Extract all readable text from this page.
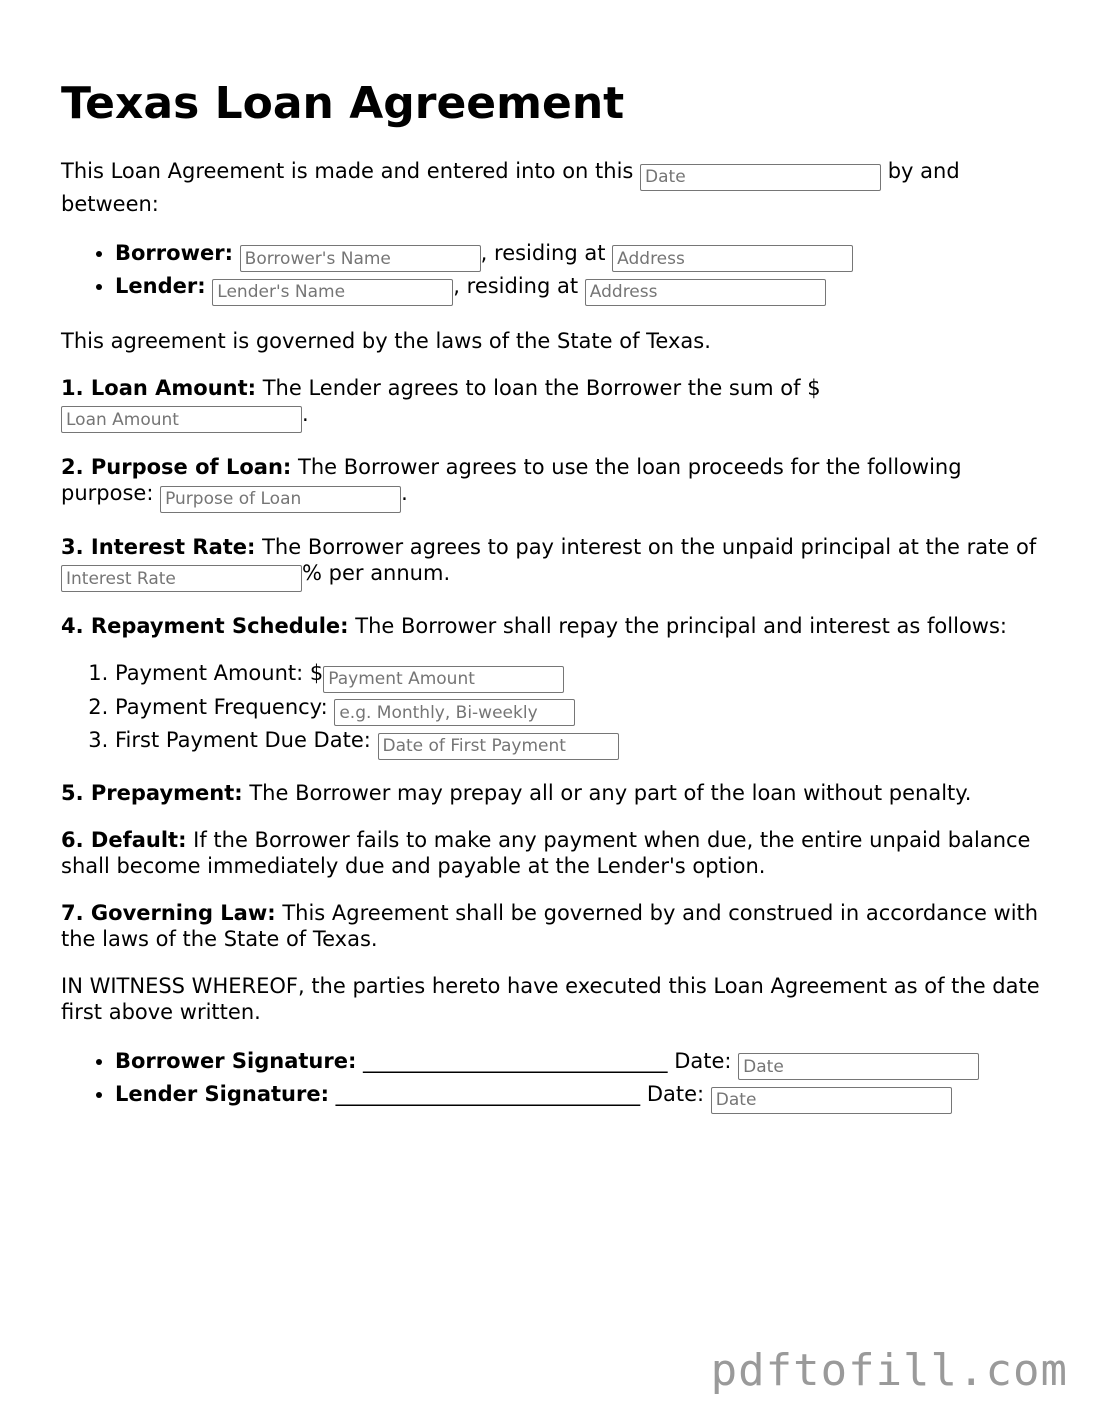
Texas Loan Agreement

This Loan Agreement is made and entered into on this Date	by and between:

• Borrower: Borrower's Name	, residing at Address
• Lender: Lender's Name	, residing at Address

This agreement is governed by the laws of the State of Texas.

1. Loan Amount: The Lender agrees to loan the Borrower the sum of $ Loan Amount.

2. Purpose of Loan: The Borrower agrees to use the loan proceeds for the following purpose: Purpose of Loan	.

3. Interest Rate: The Borrower agrees to pay interest on the unpaid principal at the rate of Interest Rate% per annum.

4. Repayment Schedule: The Borrower shall repay the principal and interest as follows:

1. Payment Amount: $Payment Amount
2. Payment Frequency: e.g. Monthly, Bi-weekly
3. First Payment Due Date: Date of First Payment

5. Prepayment: The Borrower may prepay all or any part of the loan without penalty.

6. Default: If the Borrower fails to make any payment when due, the entire unpaid balance shall become immediately due and payable at the Lender's option.

7. Governing Law: This Agreement shall be governed by and construed in accordance with the laws of the State of Texas.

IN WITNESS WHEREOF, the parties hereto have executed this Loan Agreement as of the date first above written.

• Borrower Signature: _____________________________ Date: Date
• Lender Signature: _____________________________ Date: Date
pdftofill.com
